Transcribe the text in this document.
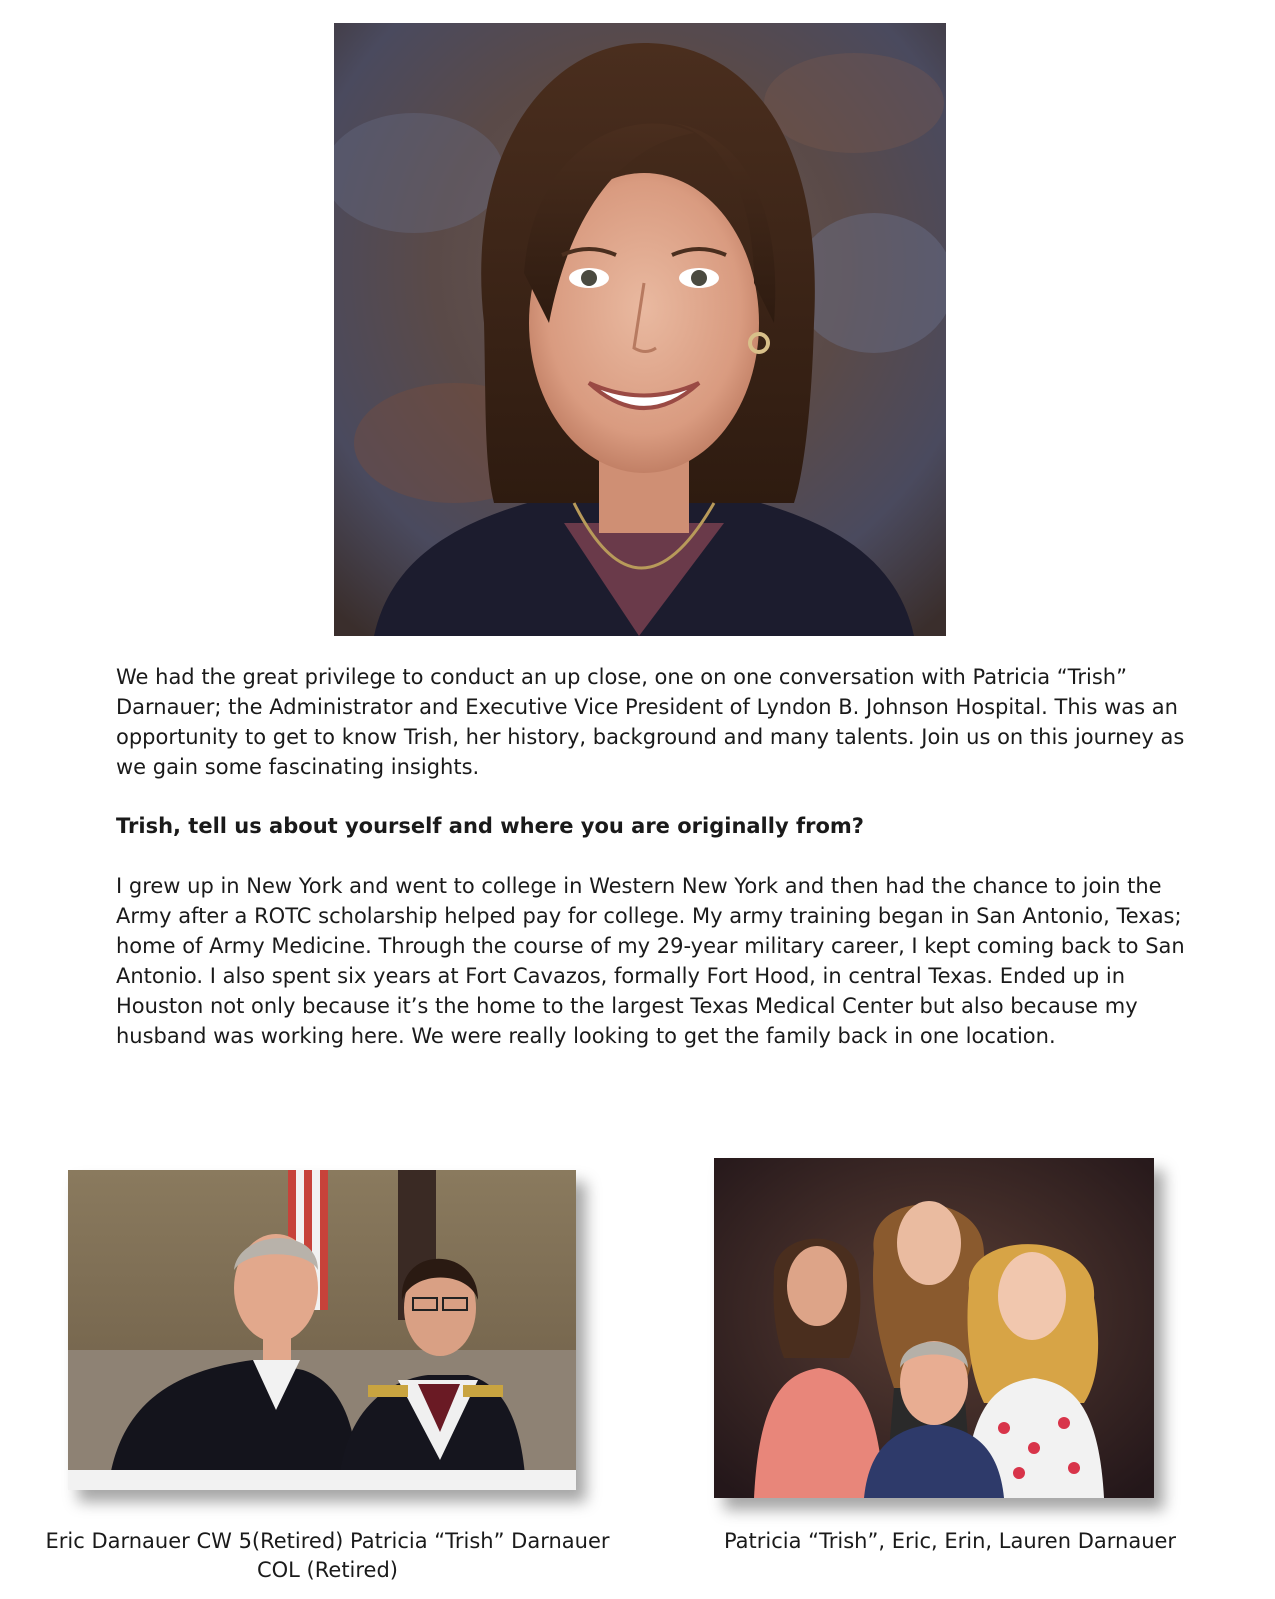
We had the great privilege to conduct an up close, one on one conversation with Patricia “Trish” Darnauer; the Administrator and Executive Vice President of Lyndon B. Johnson Hospital. This was an opportunity to get to know Trish, her history, background and many talents. Join us on this journey as we gain some fascinating insights.

Trish, tell us about yourself and where you are originally from?

I grew up in New York and went to college in Western New York and then had the chance to join the Army after a ROTC scholarship helped pay for college. My army training began in San Antonio, Texas; home of Army Medicine. Through the course of my 29-year military career, I kept coming back to San Antonio. I also spent six years at Fort Cavazos, formally Fort Hood, in central Texas. Ended up in Houston not only because it’s the home to the largest Texas Medical Center but also because my husband was working here. We were really looking to get the family back in one location.

Eric Darnauer CW 5(Retired) Patricia “Trish” Darnauer COL (Retired)

Patricia “Trish”, Eric, Erin, Lauren Darnauer
